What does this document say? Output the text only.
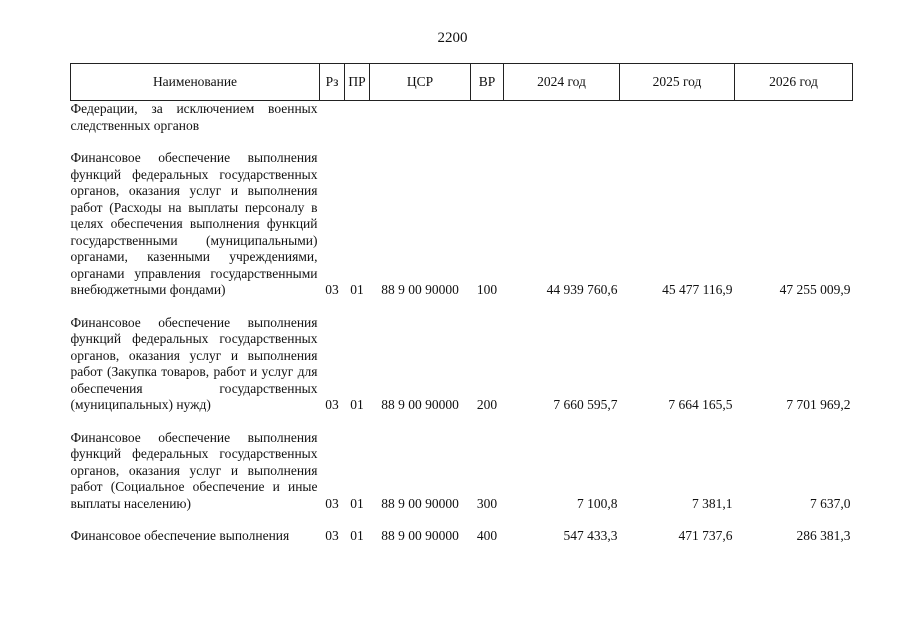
2200
Наименование	Рз	ПР	ЦСР	ВР	2024 год	2025 год	2026 год
Федерации, за исключением военных следственных органов							

Финансовое обеспечение выполнения функций федеральных государственных органов, оказания услуг и выполнения работ (Расходы на выплаты персоналу в целях обеспечения выполнения функций государственными (муниципальными) органами, казенными учреждениями, органами управления государственными внебюджетными фондами)	03	01	88 9 00 90000	100	44 939 760,6	45 477 116,9	47 255 009,9

Финансовое обеспечение выполнения функций федеральных государственных органов, оказания услуг и выполнения работ (Закупка товаров, работ и услуг для обеспечения государственных (муниципальных) нужд)	03	01	88 9 00 90000	200	7 660 595,7	7 664 165,5	7 701 969,2

Финансовое обеспечение выполнения функций федеральных государственных органов, оказания услуг и выполнения работ (Социальное обеспечение и иные выплаты населению)	03	01	88 9 00 90000	300	7 100,8	7 381,1	7 637,0

Финансовое обеспечение выполнения	03	01	88 9 00 90000	400	547 433,3	471 737,6	286 381,3
